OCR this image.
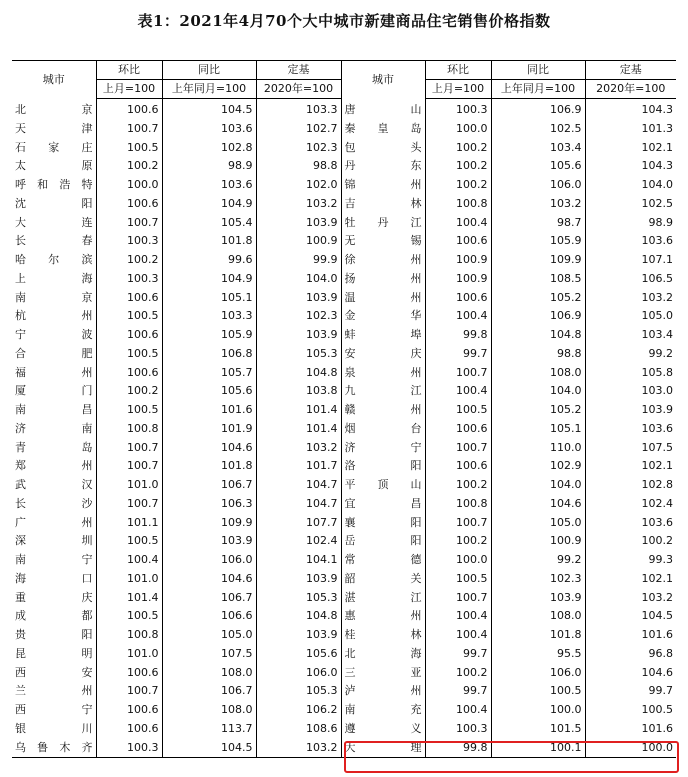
表1：2021年4月70个大中城市新建商品住宅销售价格指数
城市	环比	同比	定基	城市	环比	同比	定基
	上月=100	上年同月=100	2020年=100		上月=100	上年同月=100	2020年=100
北京	100.6	104.5	103.3	唐山	100.3	106.9	104.3
天津	100.7	103.6	102.7	秦皇岛	100.0	102.5	101.3
石家庄	100.5	102.8	102.3	包头	100.2	103.4	102.1
太原	100.2	98.9	98.8	丹东	100.2	105.6	104.3
呼和浩特	100.0	103.6	102.0	锦州	100.2	106.0	104.0
沈阳	100.6	104.9	103.2	吉林	100.8	103.2	102.5
大连	100.7	105.4	103.9	牡丹江	100.4	98.7	98.9
长春	100.3	101.8	100.9	无锡	100.6	105.9	103.6
哈尔滨	100.2	99.6	99.9	徐州	100.9	109.9	107.1
上海	100.3	104.9	104.0	扬州	100.9	108.5	106.5
南京	100.6	105.1	103.9	温州	100.6	105.2	103.2
杭州	100.5	103.3	102.3	金华	100.4	106.9	105.0
宁波	100.6	105.9	103.9	蚌埠	99.8	104.8	103.4
合肥	100.5	106.8	105.3	安庆	99.7	98.8	99.2
福州	100.6	105.7	104.8	泉州	100.7	108.0	105.8
厦门	100.2	105.6	103.8	九江	100.4	104.0	103.0
南昌	100.5	101.6	101.4	赣州	100.5	105.2	103.9
济南	100.8	101.9	101.4	烟台	100.6	105.1	103.6
青岛	100.7	104.6	103.2	济宁	100.7	110.0	107.5
郑州	100.7	101.8	101.7	洛阳	100.6	102.9	102.1
武汉	101.0	106.7	104.7	平顶山	100.2	104.0	102.8
长沙	100.7	106.3	104.7	宜昌	100.8	104.6	102.4
广州	101.1	109.9	107.7	襄阳	100.7	105.0	103.6
深圳	100.5	103.9	102.4	岳阳	100.2	100.9	100.2
南宁	100.4	106.0	104.1	常德	100.0	99.2	99.3
海口	101.0	104.6	103.9	韶关	100.5	102.3	102.1
重庆	101.4	106.7	105.3	湛江	100.7	103.9	103.2
成都	100.5	106.6	104.8	惠州	100.4	108.0	104.5
贵阳	100.8	105.0	103.9	桂林	100.4	101.8	101.6
昆明	101.0	107.5	105.6	北海	99.7	95.5	96.8
西安	100.6	108.0	106.0	三亚	100.2	106.0	104.6
兰州	100.7	106.7	105.3	泸州	99.7	100.5	99.7
西宁	100.6	108.0	106.2	南充	100.4	100.0	100.5
银川	100.6	113.7	108.6	遵义	100.3	101.5	101.6
乌鲁木齐	100.3	104.5	103.2	大理	99.8	100.1	100.0
